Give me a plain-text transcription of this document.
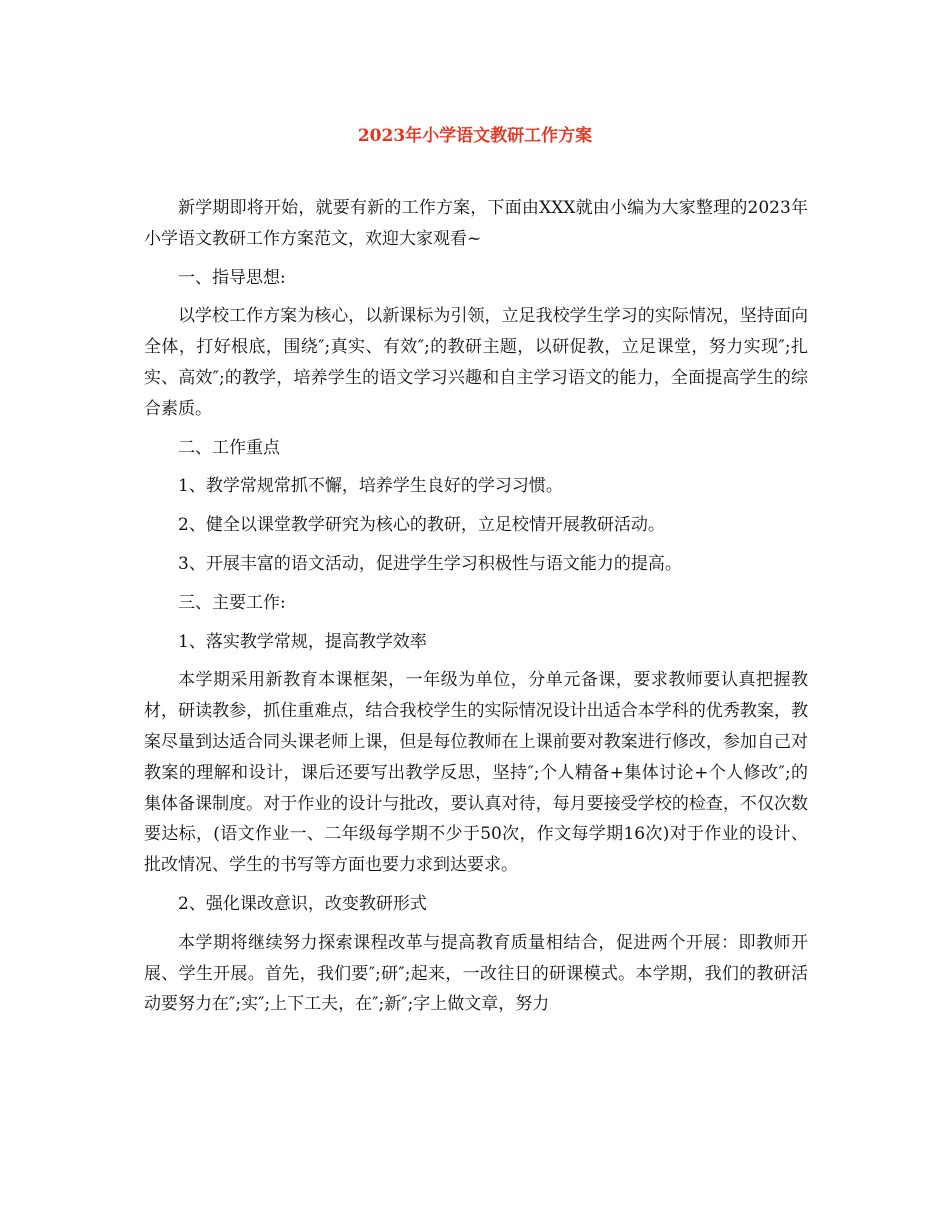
2023年小学语文教研工作方案

新学期即将开始，就要有新的工作方案，下面由XXX就由小编为大家整理的2023年小学语文教研工作方案范文，欢迎大家观看~

一、指导思想:

以学校工作方案为核心，以新课标为引领，立足我校学生学习的实际情况，坚持面向全体，打好根底，围绕″;真实、有效″;的教研主题，以研促教，立足课堂，努力实现″;扎实、高效″;的教学，培养学生的语文学习兴趣和自主学习语文的能力，全面提高学生的综合素质。

二、工作重点

1、教学常规常抓不懈，培养学生良好的学习习惯。

2、健全以课堂教学研究为核心的教研，立足校情开展教研活动。

3、开展丰富的语文活动，促进学生学习积极性与语文能力的提高。

三、主要工作:

1、落实教学常规，提高教学效率

本学期采用新教育本课框架，一年级为单位，分单元备课，要求教师要认真把握教材，研读教参，抓住重难点，结合我校学生的实际情况设计出适合本学科的优秀教案，教案尽量到达适合同头课老师上课，但是每位教师在上课前要对教案进行修改，参加自己对教案的理解和设计，课后还要写出教学反思，坚持″;个人精备+集体讨论+个人修改″;的集体备课制度。对于作业的设计与批改，要认真对待，每月要接受学校的检查，不仅次数要达标，(语文作业一、二年级每学期不少于50次，作文每学期16次)对于作业的设计、批改情况、学生的书写等方面也要力求到达要求。

2、强化课改意识，改变教研形式

本学期将继续努力探索课程改革与提高教育质量相结合，促进两个开展：即教师开展、学生开展。首先，我们要″;研″;起来，一改往日的研课模式。本学期，我们的教研活动要努力在″;实″;上下工夫，在″;新″;字上做文章，努力
